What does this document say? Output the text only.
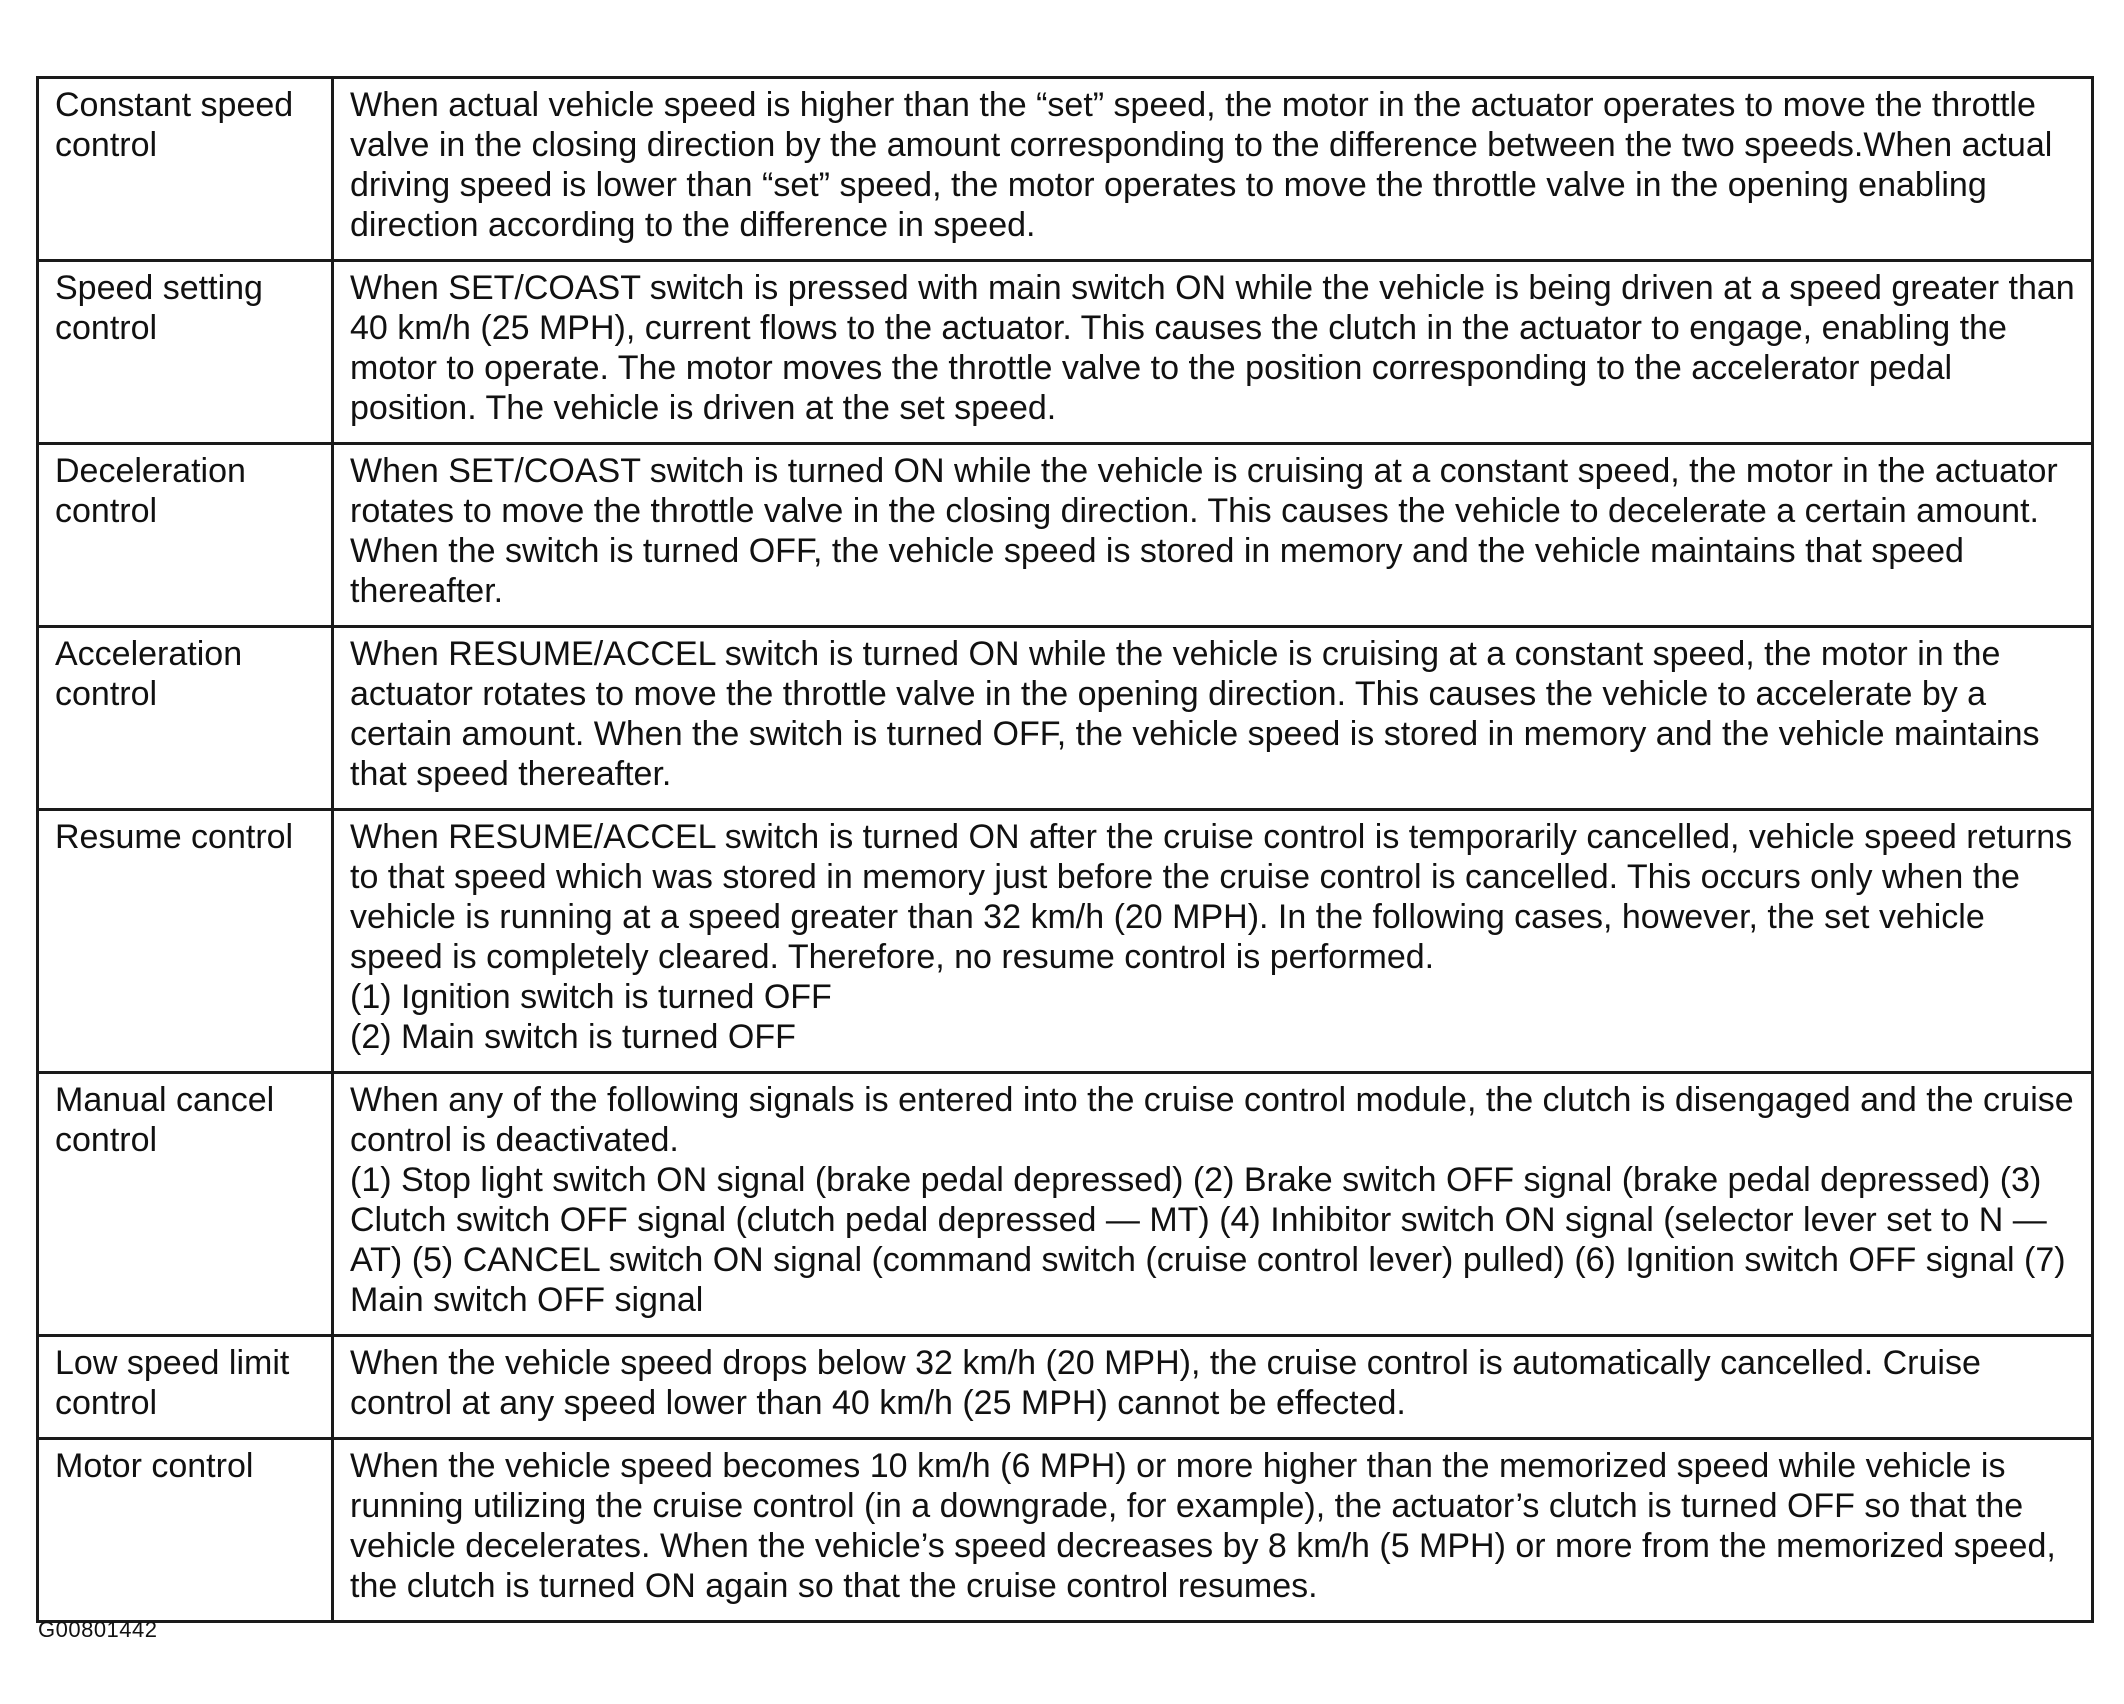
Constant speed control	When actual vehicle speed is higher than the “set” speed, the motor in the actuator operates to move the throttle valve in the closing direction by the amount corresponding to the difference between the two speeds.When actual driving speed is lower than “set” speed, the motor operates to move the throttle valve in the opening enabling direction according to the difference in speed.

Speed setting control	When SET/COAST switch is pressed with main switch ON while the vehicle is being driven at a speed greater than 40 km/h (25 MPH), current flows to the actuator. This causes the clutch in the actuator to engage, enabling the motor to operate. The motor moves the throttle valve to the position corresponding to the accelerator pedal position. The vehicle is driven at the set speed.

Deceleration control	When SET/COAST switch is turned ON while the vehicle is cruising at a constant speed, the motor in the actuator rotates to move the throttle valve in the closing direction. This causes the vehicle to decelerate a certain amount. When the switch is turned OFF, the vehicle speed is stored in memory and the vehicle maintains that speed thereafter.

Acceleration control	When RESUME/ACCEL switch is turned ON while the vehicle is cruising at a constant speed, the motor in the actuator rotates to move the throttle valve in the opening direction. This causes the vehicle to accelerate by a certain amount. When the switch is turned OFF, the vehicle speed is stored in memory and the vehicle maintains that speed thereafter.

Resume control	When RESUME/ACCEL switch is turned ON after the cruise control is temporarily cancelled, vehicle speed returns to that speed which was stored in memory just before the cruise control is cancelled. This occurs only when the vehicle is running at a speed greater than 32 km/h (20 MPH). In the following cases, however, the set vehicle speed is completely cleared. Therefore, no resume control is performed.

(1) Ignition switch is turned OFF

(2) Main switch is turned OFF

Manual cancel control	When any of the following signals is entered into the cruise control module, the clutch is disengaged and the cruise control is deactivated.

(1) Stop light switch ON signal (brake pedal depressed) (2) Brake switch OFF signal (brake pedal depressed) (3) Clutch switch OFF signal (clutch pedal depressed — MT) (4) Inhibitor switch ON signal (selector lever set to N — AT) (5) CANCEL switch ON signal (command switch (cruise control lever) pulled) (6) Ignition switch OFF signal (7) Main switch OFF signal

Low speed limit control	When the vehicle speed drops below 32 km/h (20 MPH), the cruise control is automatically cancelled. Cruise control at any speed lower than 40 km/h (25 MPH) cannot be effected.

Motor control	When the vehicle speed becomes 10 km/h (6 MPH) or more higher than the memorized speed while vehicle is running utilizing the cruise control (in a downgrade, for example), the actuator’s clutch is turned OFF so that the vehicle decelerates. When the vehicle’s speed decreases by 8 km/h (5 MPH) or more from the memorized speed, the clutch is turned ON again so that the cruise control resumes.

G00801442
